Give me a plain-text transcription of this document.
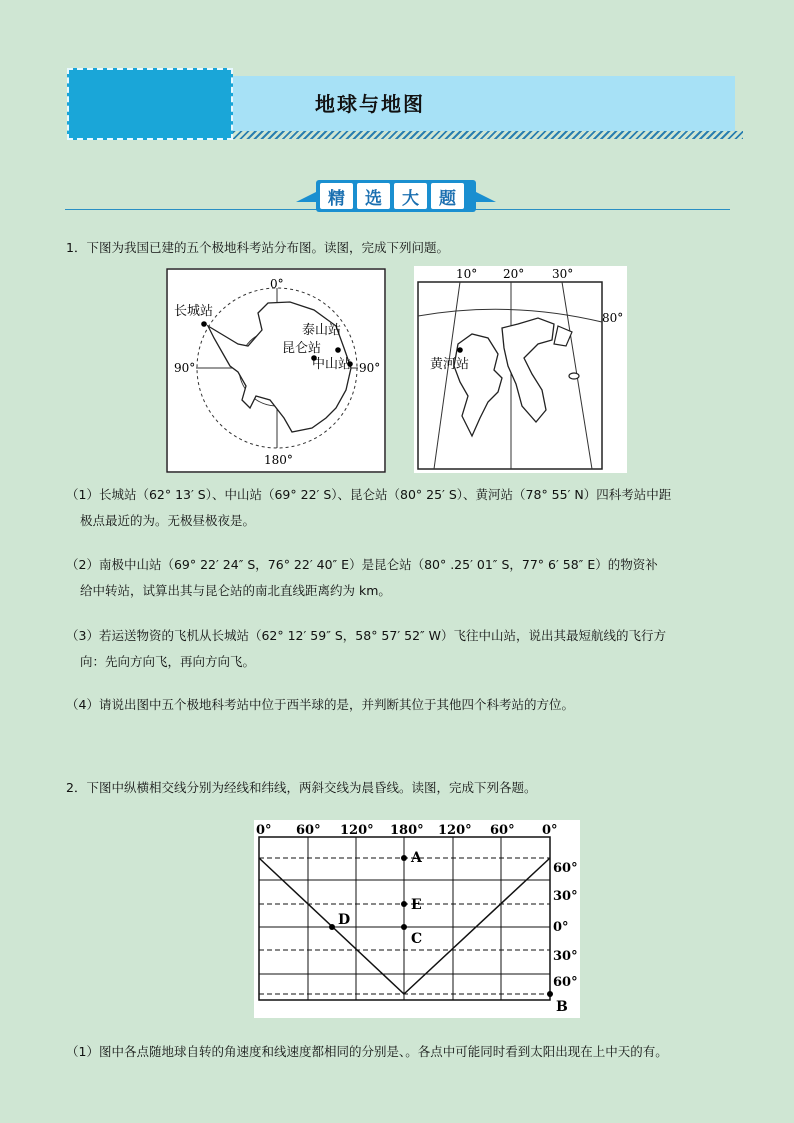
地球与地图
精	选	大	题
1．下图为我国已建的五个极地科考站分布图。读图，完成下列问题。
0°
180°
90°	90°
长城站
泰山站
昆仑站
中山站
10° 20° 30°
80°
黄河站
（1）长城站（62° 13′ S）、中山站（69° 22′ S）、昆仑站（80° 25′ S）、黄河站（78° 55′ N）四科考站中距
极点最近的为。无极昼极夜是。
（2）南极中山站（69° 22′ 24″ S，76° 22′ 40″ E）是昆仑站（80° .25′ 01″ S，77° 6′ 58″ E）的物资补
给中转站，试算出其与昆仑站的南北直线距离约为 km。
（3）若运送物资的飞机从长城站（62° 12′ 59″ S，58° 57′ 52″ W）飞往中山站，说出其最短航线的飞行方
向：先向方向飞，再向方向飞。
（4）请说出图中五个极地科考站中位于西半球的是，并判断其位于其他四个科考站的方位。
2．下图中纵横相交线分别为经线和纬线，两斜交线为晨昏线。读图，完成下列各题。
0° 60° 120° 180° 120° 60° 0°
60°
30°
0°
30°
60°
A
E
C
D
B
（1）图中各点随地球自转的角速度和线速度都相同的分别是、。各点中可能同时看到太阳出现在上中天的有。
